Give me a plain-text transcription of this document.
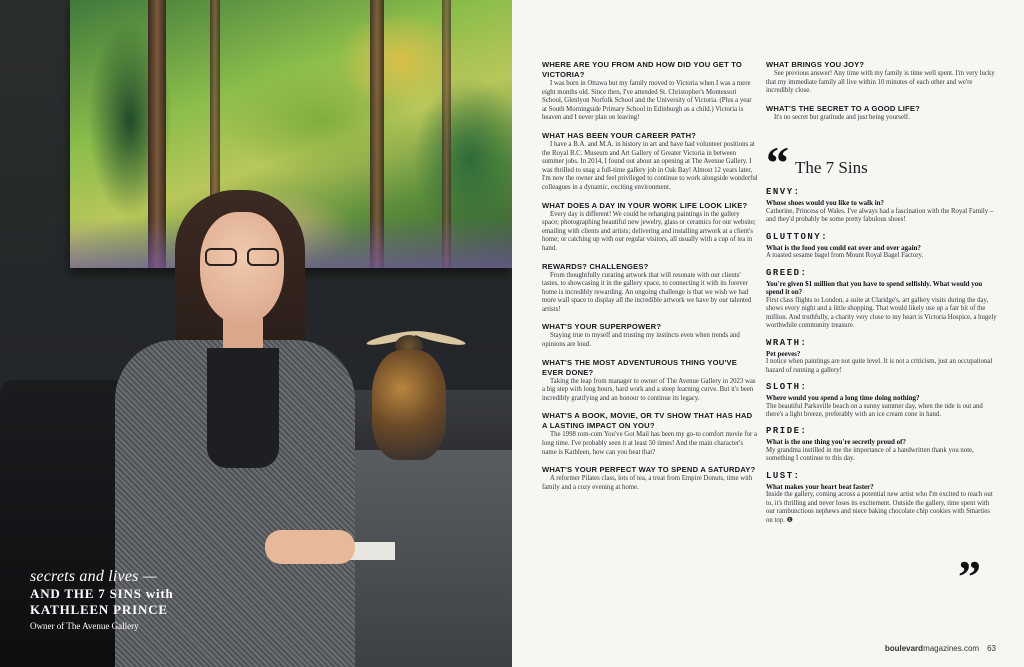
secrets and lives —
AND THE 7 SINS with
KATHLEEN PRINCE
Owner of The Avenue Gallery
WHERE ARE YOU FROM AND HOW DID YOU GET TO VICTORIA?
I was born in Ottawa but my family moved to Victoria when I was a mere eight months old. Since then, I've attended St. Christopher's Montessori School, Glenlyon Norfolk School and the University of Victoria. (Plus a year at South Morningside Primary School in Edinburgh as a child.) Victoria is heaven and I never plan on leaving!
WHAT HAS BEEN YOUR CAREER PATH?
I have a B.A. and M.A. in history in art and have had volunteer positions at the Royal B.C. Museum and Art Gallery of Greater Victoria in between summer jobs. In 2014, I found out about an opening at The Avenue Gallery. I was thrilled to snag a full-time gallery job in Oak Bay! Almost 12 years later, I'm now the owner and feel privileged to continue to work alongside wonderful colleagues in a dynamic, exciting environment.
WHAT DOES A DAY IN YOUR WORK LIFE LOOK LIKE?
Every day is different! We could be rehanging paintings in the gallery space; photographing beautiful new jewelry, glass or ceramics for our website; emailing with clients and artists; delivering and installing artwork at a client's home; or catching up with our regular visitors, all usually with a cup of tea in hand.
REWARDS? CHALLENGES?
From thoughtfully curating artwork that will resonate with our clients' tastes, to showcasing it in the gallery space, to connecting it with its forever home is incredibly rewarding. An ongoing challenge is that we wish we had more wall space to display all the incredible artwork we have by our talented artists!
WHAT'S YOUR SUPERPOWER?
Staying true to myself and trusting my instincts even when trends and opinions are loud.
WHAT'S THE MOST ADVENTUROUS THING YOU'VE EVER DONE?
Taking the leap from manager to owner of The Avenue Gallery in 2023 was a big step with long hours, hard work and a steep learning curve. But it's been incredibly gratifying and an honour to continue its legacy.
WHAT'S A BOOK, MOVIE, OR TV SHOW THAT HAS HAD A LASTING IMPACT ON YOU?
The 1998 rom-com You've Got Mail has been my go-to comfort movie for a long time. I've probably seen it at least 50 times! And the main character's name is Kathleen, how can you beat that?
WHAT'S YOUR PERFECT WAY TO SPEND A SATURDAY?
A reformer Pilates class, lots of tea, a treat from Empire Donuts, time with family and a cozy evening at home.
WHAT BRINGS YOU JOY?
See previous answer! Any time with my family is time well spent. I'm very lucky that my immediate family all live within 10 minutes of each other and we're incredibly close.
WHAT'S THE SECRET TO A GOOD LIFE?
It's no secret but gratitude and just being yourself.
“ The 7 Sins
ENVY:
Whose shoes would you like to walk in?
Catherine, Princess of Wales. I've always had a fascination with the Royal Family – and they'd probably be some pretty fabulous shoes!
GLUTTONY:
What is the food you could eat over and over again?
A toasted sesame bagel from Mount Royal Bagel Factory.
GREED:
You're given $1 million that you have to spend selfishly. What would you spend it on?
First class flights to London, a suite at Claridge's, art gallery visits during the day, shows every night and a little shopping. That would likely use up a fair bit of the million. And truthfully, a charity very close to my heart is Victoria Hospice, a hugely worthwhile community treasure.
WRATH:
Pet peeves?
I notice when paintings are not quite level. It is not a criticism, just an occupational hazard of running a gallery!
SLOTH:
Where would you spend a long time doing nothing?
The beautiful Parksville beach on a sunny summer day, when the tide is out and there's a light breeze, preferably with an ice cream cone in hand.
PRIDE:
What is the one thing you're secretly proud of?
My grandma instilled in me the importance of a handwritten thank you note, something I continue to this day.
LUST:
What makes your heart beat faster?
Inside the gallery, coming across a potential new artist who I'm excited to reach out to, it's thrilling and never loses its excitement. Outside the gallery, time spent with our rambunctious nephews and niece baking chocolate chip cookies with Smarties on top. ❶
”
boulevardmagazines.com 63
